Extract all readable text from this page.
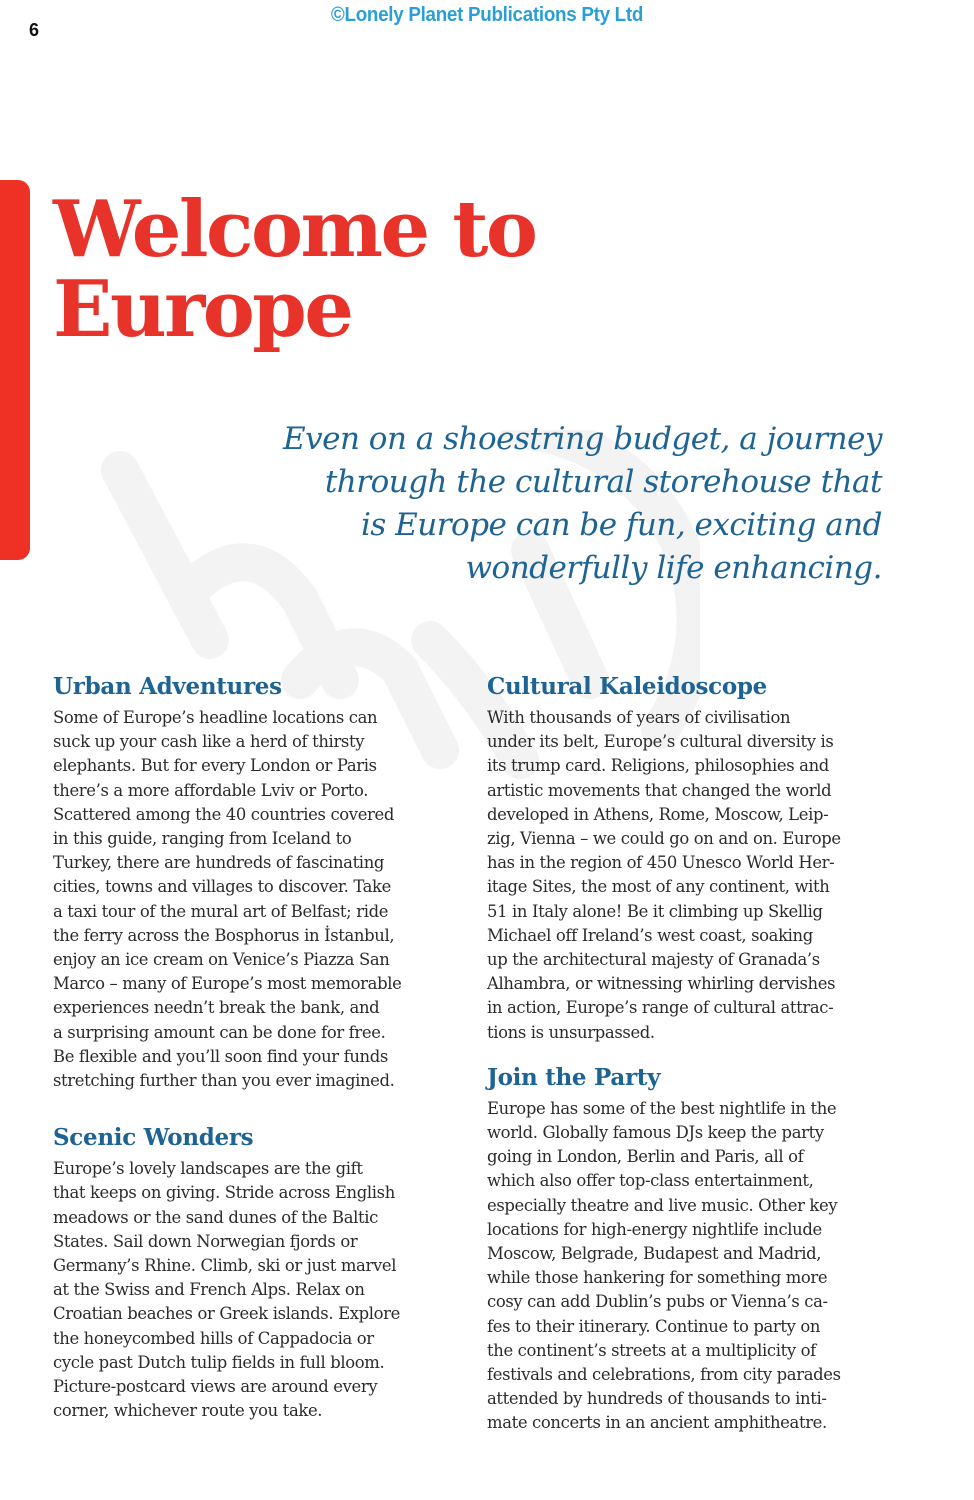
©Lonely Planet Publications Pty Ltd
6
Welcome to
Europe

Even on a shoestring budget, a journey
through the cultural storehouse that
is Europe can be fun, exciting and
wonderfully life enhancing.

Urban Adventures

Some of Europe’s headline locations can
suck up your cash like a herd of thirsty
elephants. But for every London or Paris
there’s a more affordable Lviv or Porto.
Scattered among the 40 countries covered
in this guide, ranging from Iceland to
Turkey, there are hundreds of fascinating
cities, towns and villages to discover. Take
a taxi tour of the mural art of Belfast; ride
the ferry across the Bosphorus in İstanbul,
enjoy an ice cream on Venice’s Piazza San
Marco – many of Europe’s most memorable
experiences needn’t break the bank, and
a surprising amount can be done for free.
Be flexible and you’ll soon find your funds
stretching further than you ever imagined.

Scenic Wonders

Europe’s lovely landscapes are the gift
that keeps on giving. Stride across English
meadows or the sand dunes of the Baltic
States. Sail down Norwegian fjords or
Germany’s Rhine. Climb, ski or just marvel
at the Swiss and French Alps. Relax on
Croatian beaches or Greek islands. Explore
the honeycombed hills of Cappadocia or
cycle past Dutch tulip fields in full bloom.
Picture-postcard views are around every
corner, whichever route you take.

Cultural Kaleidoscope

With thousands of years of civilisation
under its belt, Europe’s cultural diversity is
its trump card. Religions, philosophies and
artistic movements that changed the world
developed in Athens, Rome, Moscow, Leip-
zig, Vienna – we could go on and on. Europe
has in the region of 450 Unesco World Her-
itage Sites, the most of any continent, with
51 in Italy alone! Be it climbing up Skellig
Michael off Ireland’s west coast, soaking
up the architectural majesty of Granada’s
Alhambra, or witnessing whirling dervishes
in action, Europe’s range of cultural attrac-
tions is unsurpassed.

Join the Party

Europe has some of the best nightlife in the
world. Globally famous DJs keep the party
going in London, Berlin and Paris, all of
which also offer top-class entertainment,
especially theatre and live music. Other key
locations for high-energy nightlife include
Moscow, Belgrade, Budapest and Madrid,
while those hankering for something more
cosy can add Dublin’s pubs or Vienna’s ca-
fes to their itinerary. Continue to party on
the continent’s streets at a multiplicity of
festivals and celebrations, from city parades
attended by hundreds of thousands to inti-
mate concerts in an ancient amphitheatre.
